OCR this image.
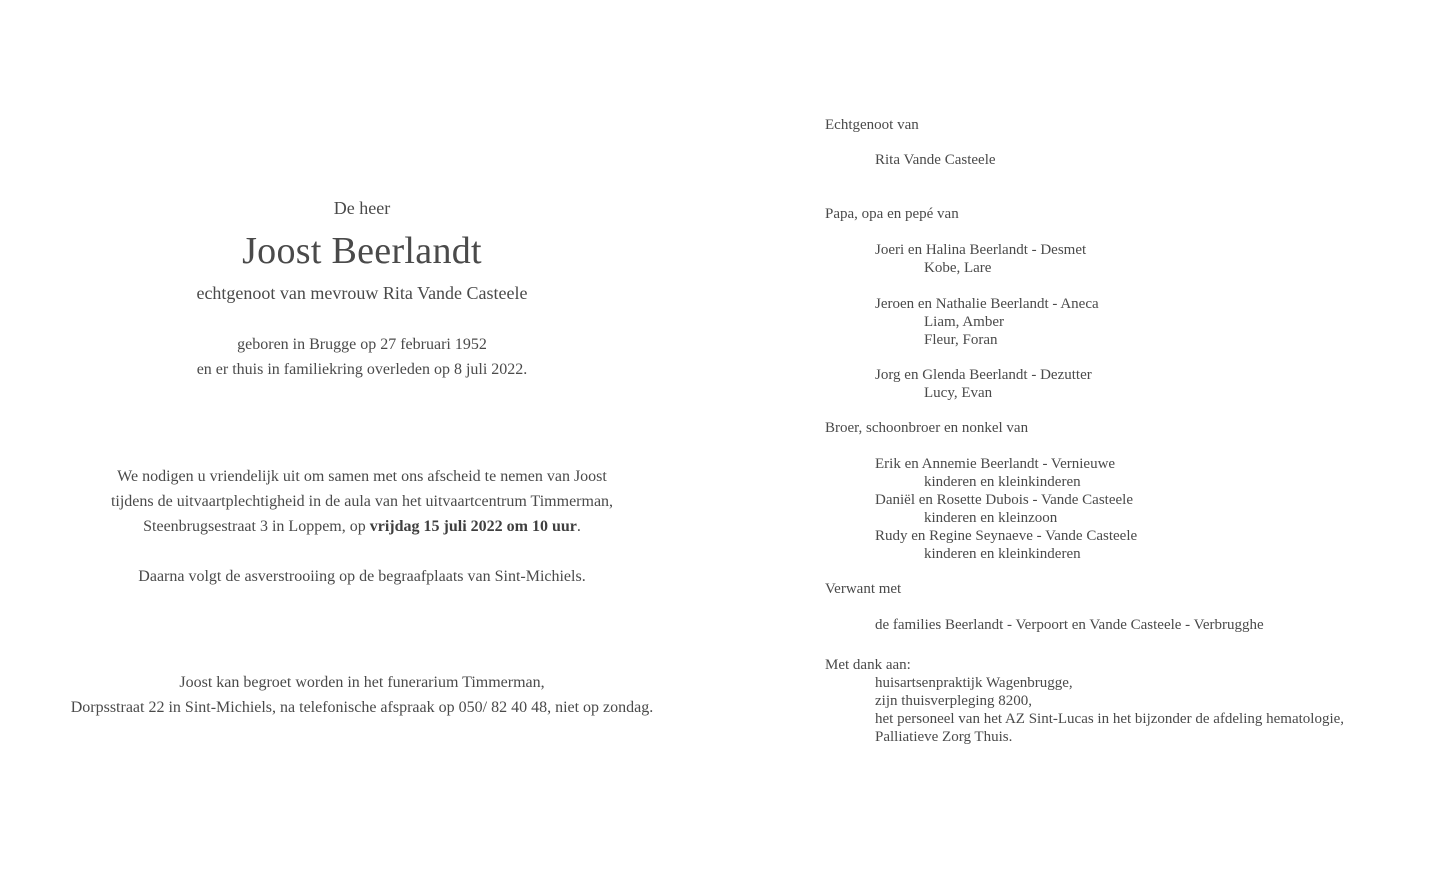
De heer
Joost Beerlandt
echtgenoot van mevrouw Rita Vande Casteele
geboren in Brugge op 27 februari 1952
en er thuis in familiekring overleden op 8 juli 2022.
We nodigen u vriendelijk uit om samen met ons afscheid te nemen van Joost
tijdens de uitvaartplechtigheid in de aula van het uitvaartcentrum Timmerman,
Steenbrugsestraat 3 in Loppem, op vrijdag 15 juli 2022 om 10 uur.
Daarna volgt de asverstrooiing op de begraafplaats van Sint-Michiels.
Joost kan begroet worden in het funerarium Timmerman,
Dorpsstraat 22 in Sint-Michiels, na telefonische afspraak op 050/ 82 40 48, niet op zondag.
Echtgenoot van
Rita Vande Casteele
Papa, opa en pepé van
Joeri en Halina Beerlandt - Desmet
Kobe, Lare
Jeroen en Nathalie Beerlandt - Aneca
Liam, Amber
Fleur, Foran
Jorg en Glenda Beerlandt - Dezutter
Lucy, Evan
Broer, schoonbroer en nonkel van
Erik en Annemie Beerlandt - Vernieuwe
kinderen en kleinkinderen
Daniël en Rosette Dubois - Vande Casteele
kinderen en kleinzoon
Rudy en Regine Seynaeve - Vande Casteele
kinderen en kleinkinderen
Verwant met
de families Beerlandt - Verpoort en Vande Casteele - Verbrugghe
Met dank aan:
huisartsenpraktijk Wagenbrugge,
zijn thuisverpleging 8200,
het personeel van het AZ Sint-Lucas in het bijzonder de afdeling hematologie,
Palliatieve Zorg Thuis.
